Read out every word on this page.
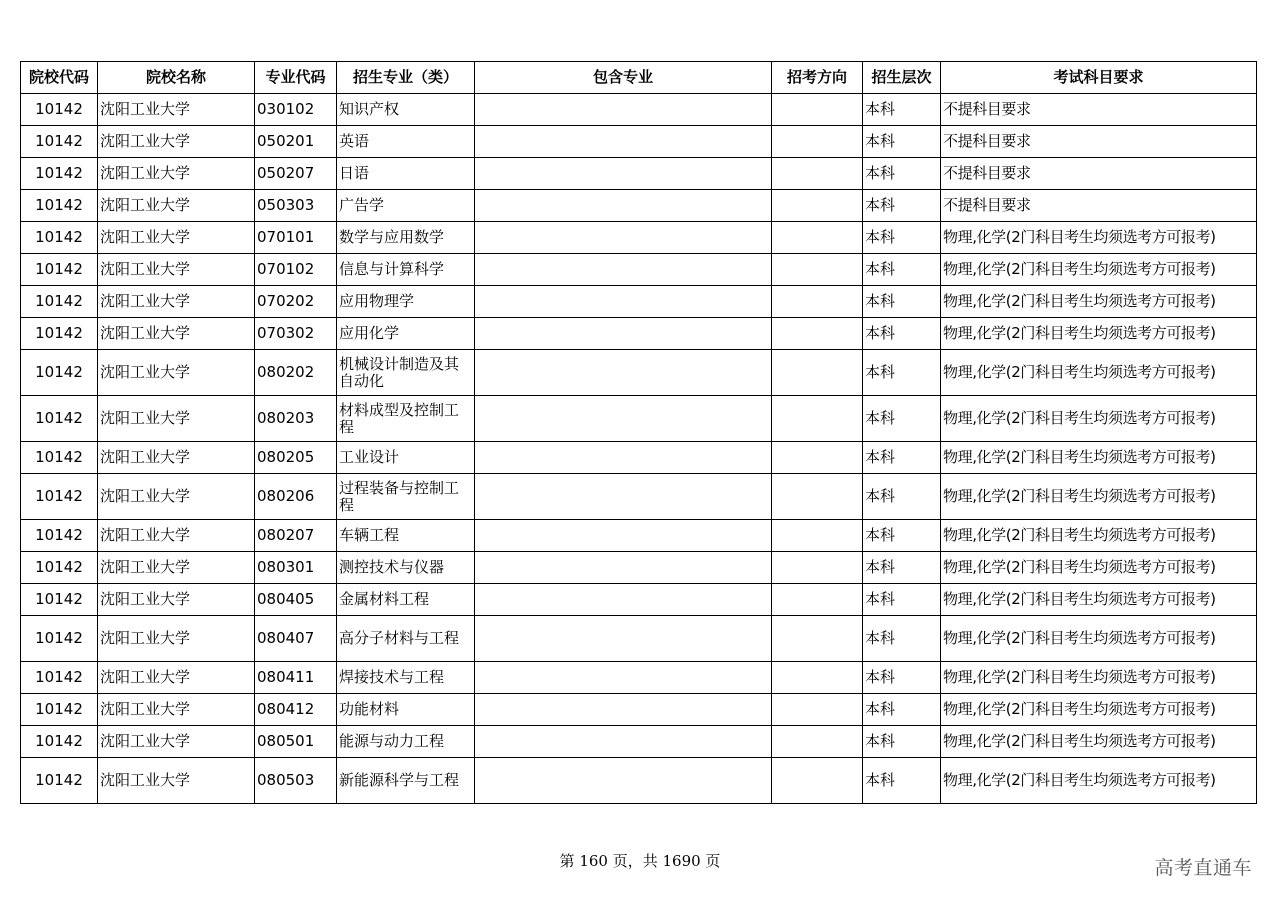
院校代码	院校名称	专业代码	招生专业（类）	包含专业	招考方向	招生层次	考试科目要求
10142	沈阳工业大学	030102	知识产权			本科	不提科目要求
10142	沈阳工业大学	050201	英语			本科	不提科目要求
10142	沈阳工业大学	050207	日语			本科	不提科目要求
10142	沈阳工业大学	050303	广告学			本科	不提科目要求
10142	沈阳工业大学	070101	数学与应用数学			本科	物理,化学(2门科目考生均须选考方可报考)
10142	沈阳工业大学	070102	信息与计算科学			本科	物理,化学(2门科目考生均须选考方可报考)
10142	沈阳工业大学	070202	应用物理学			本科	物理,化学(2门科目考生均须选考方可报考)
10142	沈阳工业大学	070302	应用化学			本科	物理,化学(2门科目考生均须选考方可报考)
10142	沈阳工业大学	080202	机械设计制造及其自动化			本科	物理,化学(2门科目考生均须选考方可报考)
10142	沈阳工业大学	080203	材料成型及控制工程			本科	物理,化学(2门科目考生均须选考方可报考)
10142	沈阳工业大学	080205	工业设计			本科	物理,化学(2门科目考生均须选考方可报考)
10142	沈阳工业大学	080206	过程装备与控制工程			本科	物理,化学(2门科目考生均须选考方可报考)
10142	沈阳工业大学	080207	车辆工程			本科	物理,化学(2门科目考生均须选考方可报考)
10142	沈阳工业大学	080301	测控技术与仪器			本科	物理,化学(2门科目考生均须选考方可报考)
10142	沈阳工业大学	080405	金属材料工程			本科	物理,化学(2门科目考生均须选考方可报考)
10142	沈阳工业大学	080407	高分子材料与工程			本科	物理,化学(2门科目考生均须选考方可报考)
10142	沈阳工业大学	080411	焊接技术与工程			本科	物理,化学(2门科目考生均须选考方可报考)
10142	沈阳工业大学	080412	功能材料			本科	物理,化学(2门科目考生均须选考方可报考)
10142	沈阳工业大学	080501	能源与动力工程			本科	物理,化学(2门科目考生均须选考方可报考)
10142	沈阳工业大学	080503	新能源科学与工程			本科	物理,化学(2门科目考生均须选考方可报考)
第 160 页，共 1690 页	高考直通车
